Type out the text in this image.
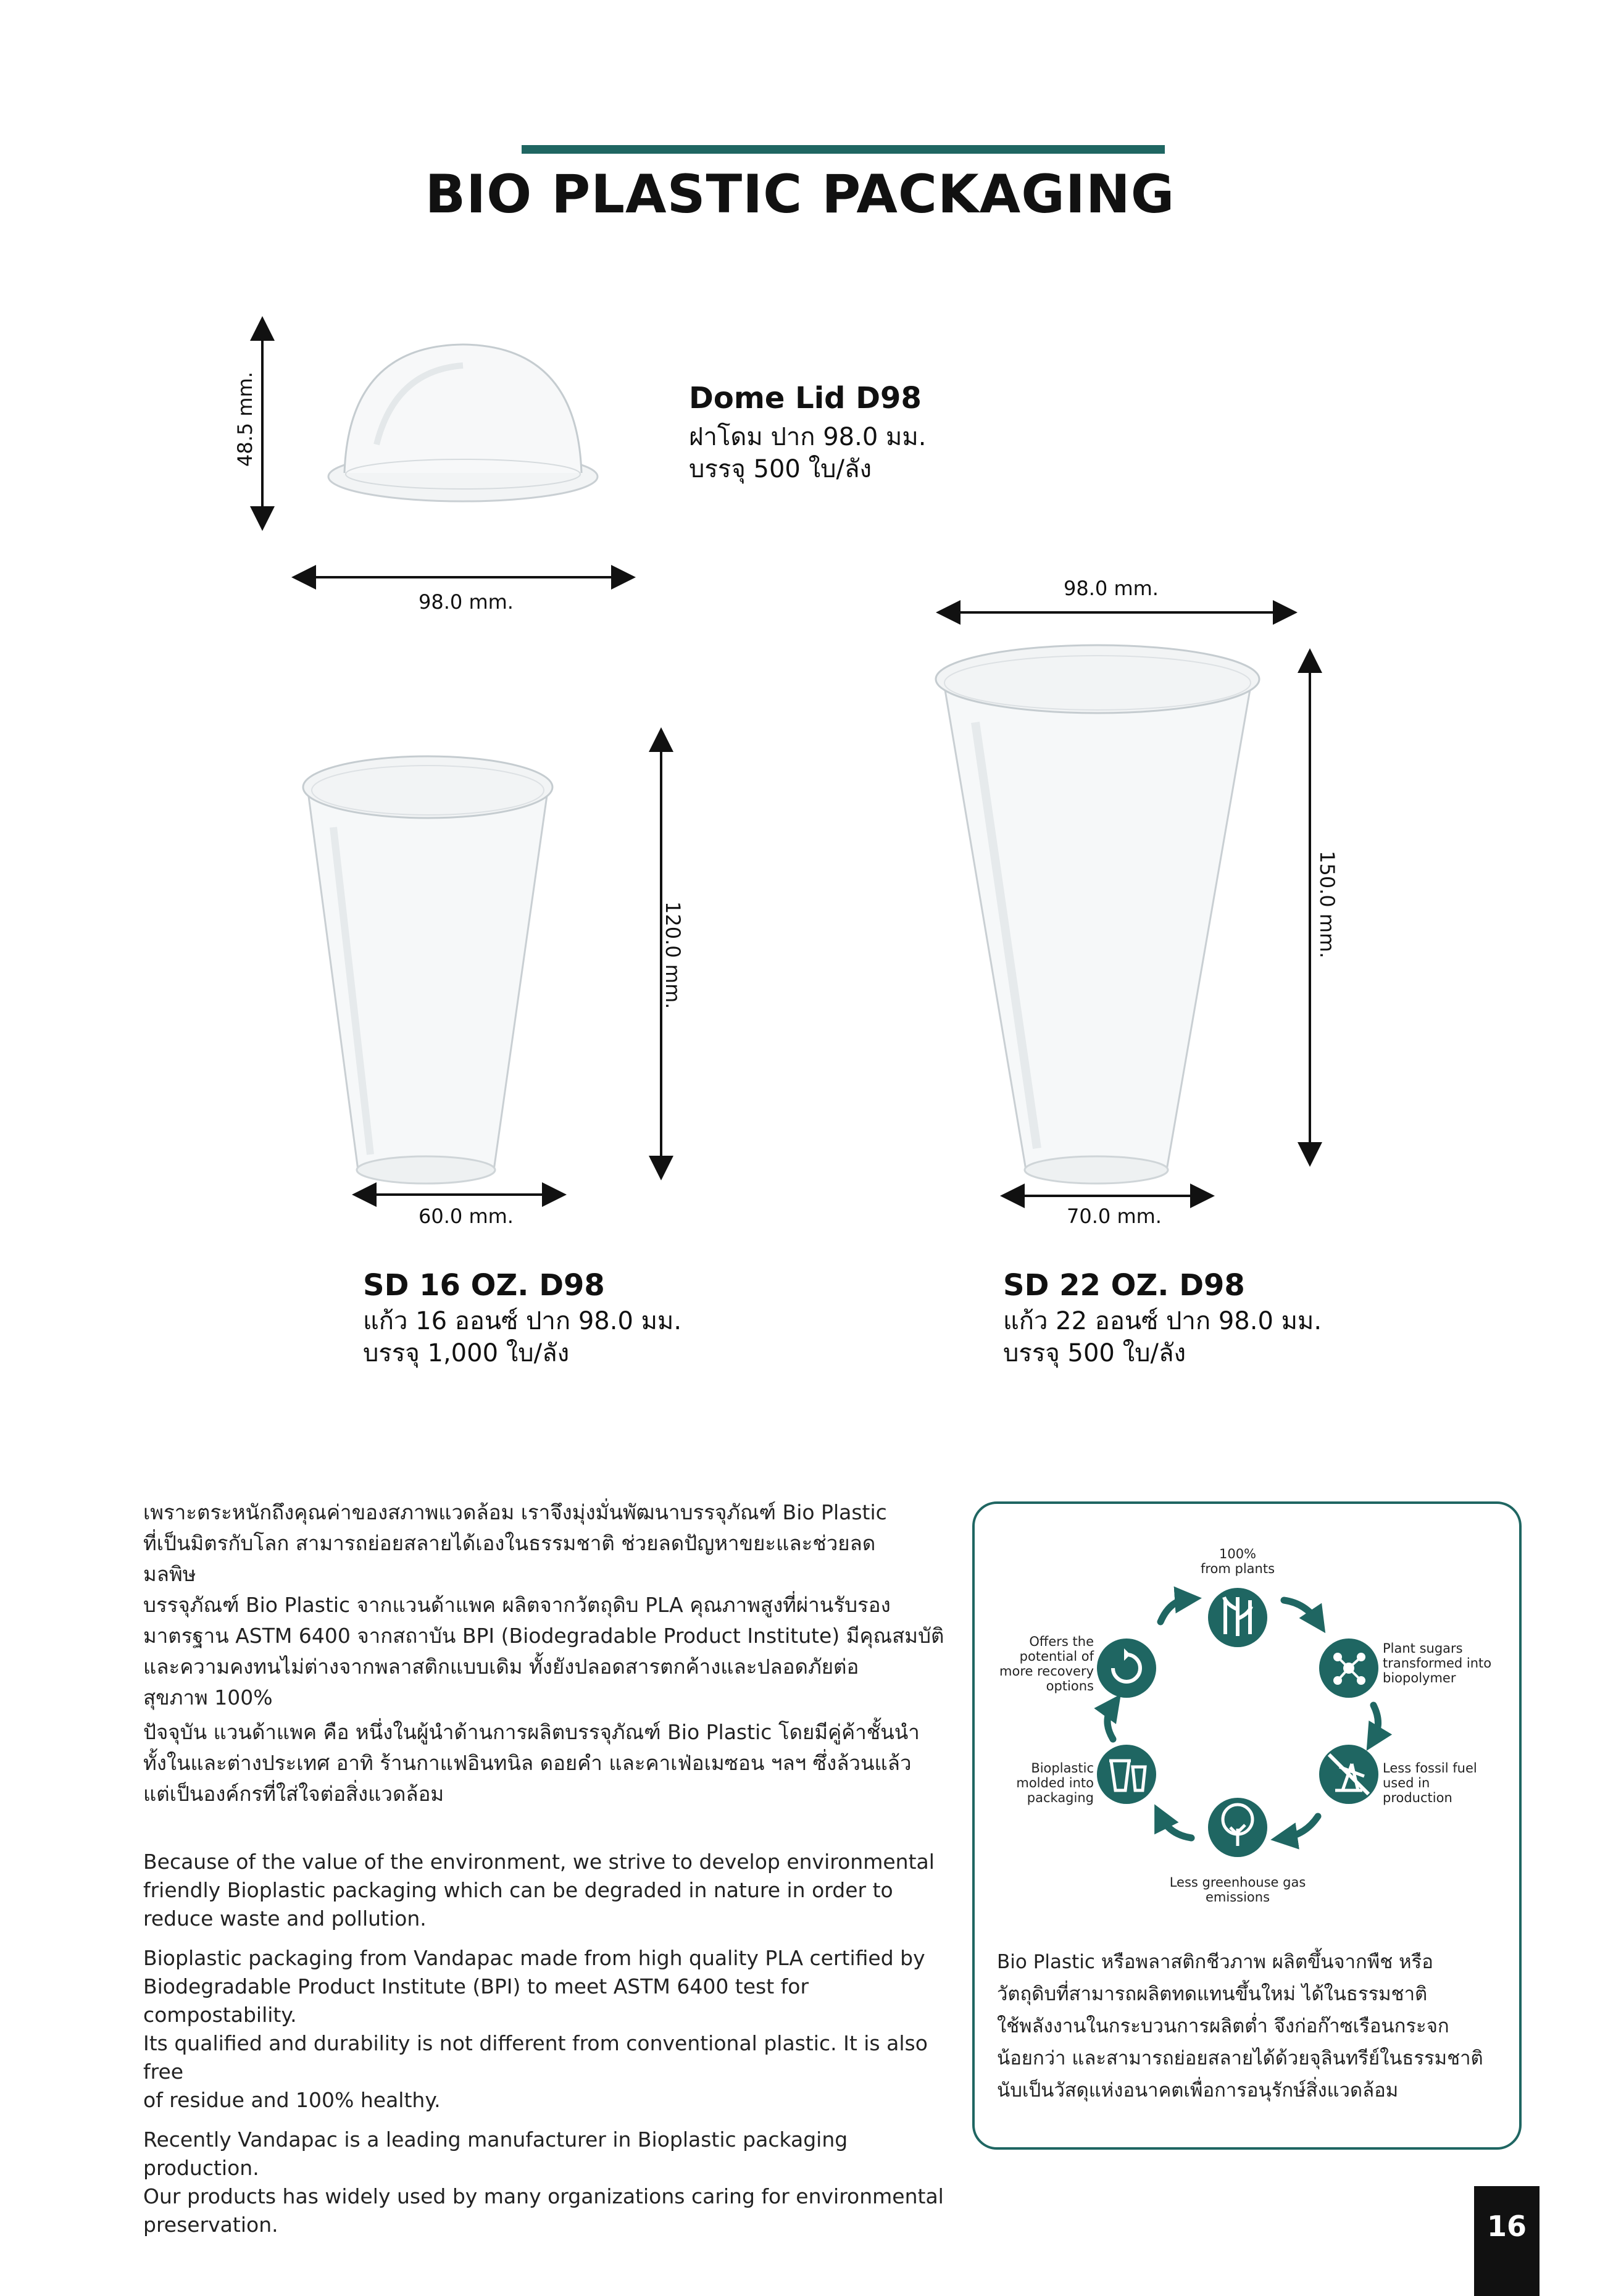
BIO PLASTIC PACKAGING
48.5 mm.
98.0 mm.
Dome Lid D98
ฝาโดม ปาก 98.0 มม.
บรรจุ 500 ใบ/ลัง
120.0 mm.
60.0 mm.
SD 16 OZ. D98
แก้ว 16 ออนซ์ ปาก 98.0 มม.
บรรจุ 1,000 ใบ/ลัง
98.0 mm.
150.0 mm.
70.0 mm.
SD 22 OZ. D98
แก้ว 22 ออนซ์ ปาก 98.0 มม.
บรรจุ 500 ใบ/ลัง
เพราะตระหนักถึงคุณค่าของสภาพแวดล้อม เราจึงมุ่งมั่นพัฒนาบรรจุภัณฑ์ Bio Plastic
ที่เป็นมิตรกับโลก สามารถย่อยสลายได้เองในธรรมชาติ ช่วยลดปัญหาขยะและช่วยลด
มลพิษ
บรรจุภัณฑ์ Bio Plastic จากแวนด้าแพค ผลิตจากวัตถุดิบ PLA คุณภาพสูงที่ผ่านรับรอง
มาตรฐาน ASTM 6400 จากสถาบัน BPI (Biodegradable Product Institute) มีคุณสมบัติ
และความคงทนไม่ต่างจากพลาสติกแบบเดิม ทั้งยังปลอดสารตกค้างและปลอดภัยต่อ
สุขภาพ 100%
ปัจจุบัน แวนด้าแพค คือ หนึ่งในผู้นำด้านการผลิตบรรจุภัณฑ์ Bio Plastic โดยมีคู่ค้าชั้นนำ
ทั้งในและต่างประเทศ อาทิ ร้านกาแฟอินทนิล ดอยคำ และคาเฟ่อเมซอน ฯลฯ ซึ่งล้วนแล้ว
แต่เป็นองค์กรที่ใส่ใจต่อสิ่งแวดล้อม
Because of the value of the environment, we strive to develop environmental
friendly Bioplastic packaging which can be degraded in nature in order to
reduce waste and pollution.
Bioplastic packaging from Vandapac made from high quality PLA certified by
Biodegradable Product Institute (BPI) to meet ASTM 6400 test for compostability.
Its qualified and durability is not different from conventional plastic. It is also free
of residue and 100% healthy.
Recently Vandapac is a leading manufacturer in Bioplastic packaging production.
Our products has widely used by many organizations caring for environmental
preservation.
100%
from plants
Plant sugars
transformed into
biopolymer
Less fossil fuel
used in
production
Less greenhouse gas
emissions
Bioplastic
molded into
packaging
Offers the
potential of
more recovery
options
Bio Plastic หรือพลาสติกชีวภาพ ผลิตขึ้นจากพืช หรือ
วัตถุดิบที่สามารถผลิตทดแทนขึ้นใหม่ ได้ในธรรมชาติ
ใช้พลังงานในกระบวนการผลิตต่ำ จึงก่อก๊าซเรือนกระจก
น้อยกว่า และสามารถย่อยสลายได้ด้วยจุลินทรีย์ในธรรมชาติ
นับเป็นวัสดุแห่งอนาคตเพื่อการอนุรักษ์สิ่งแวดล้อม
16
